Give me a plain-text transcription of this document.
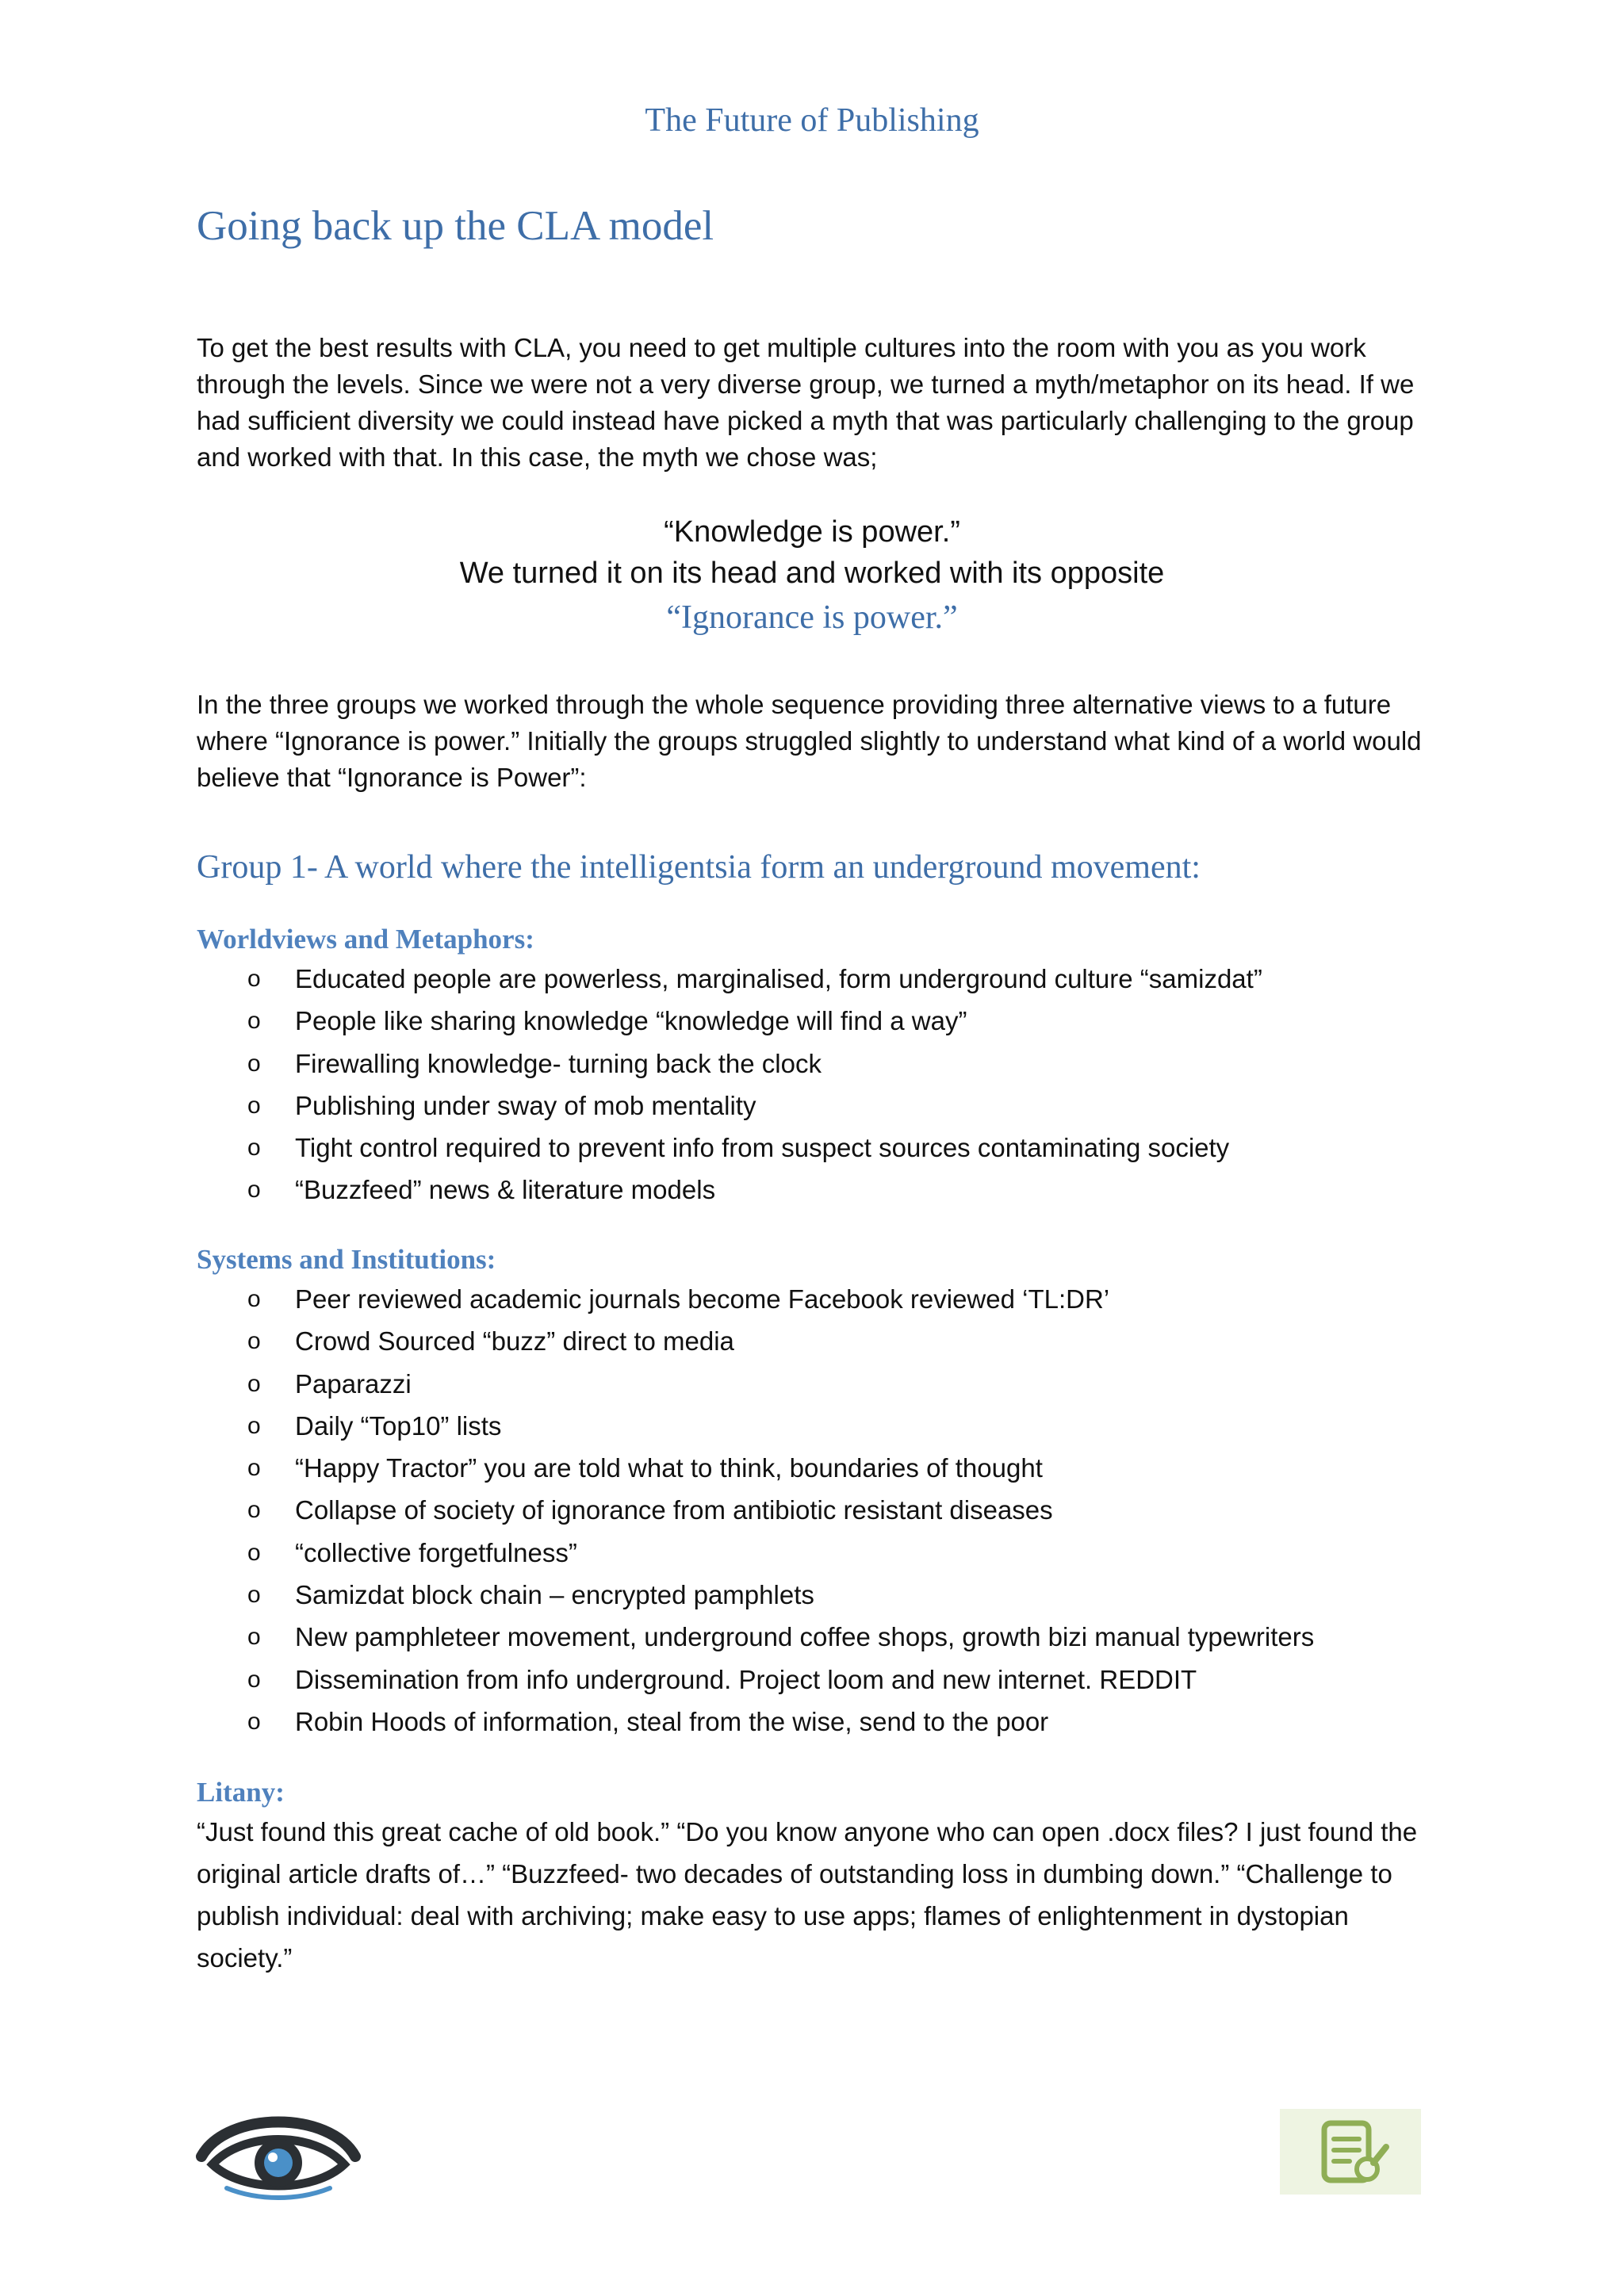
The Future of Publishing
Going back up the CLA model
To get the best results with CLA, you need to get multiple cultures into the room with you as you work through the levels. Since we were not a very diverse group, we turned a myth/metaphor on its head. If we had sufficient diversity we could instead have picked a myth that was particularly challenging to the group and worked with that. In this case, the myth we chose was;
“Knowledge is power.”
We turned it on its head and worked with its opposite
“Ignorance is power.”
In the three groups we worked through the whole sequence providing three alternative views to a future where “Ignorance is power.” Initially the groups struggled slightly to understand what kind of a world would believe that “Ignorance is Power”:
Group 1- A world where the intelligentsia form an underground movement:
Worldviews and Metaphors:
o Educated people are powerless, marginalised, form underground culture “samizdat”
o People like sharing knowledge “knowledge will find a way”
o Firewalling knowledge- turning back the clock
o Publishing under sway of mob mentality
o Tight control required to prevent info from suspect sources contaminating society
o “Buzzfeed” news & literature models
Systems and Institutions:
o Peer reviewed academic journals become Facebook reviewed ‘TL:DR’
o Crowd Sourced “buzz” direct to media
o Paparazzi
o Daily “Top10” lists
o “Happy Tractor” you are told what to think, boundaries of thought
o Collapse of society of ignorance from antibiotic resistant diseases
o “collective forgetfulness”
o Samizdat block chain – encrypted pamphlets
o New pamphleteer movement, underground coffee shops, growth bizi manual typewriters
o Dissemination from info underground. Project loom and new internet. REDDIT
o Robin Hoods of information, steal from the wise, send to the poor
Litany:
“Just found this great cache of old book.” “Do you know anyone who can open .docx files? I just found the original article drafts of…” “Buzzfeed- two decades of outstanding loss in dumbing down.” “Challenge to publish individual: deal with archiving; make easy to use apps; flames of enlightenment in dystopian society.”
